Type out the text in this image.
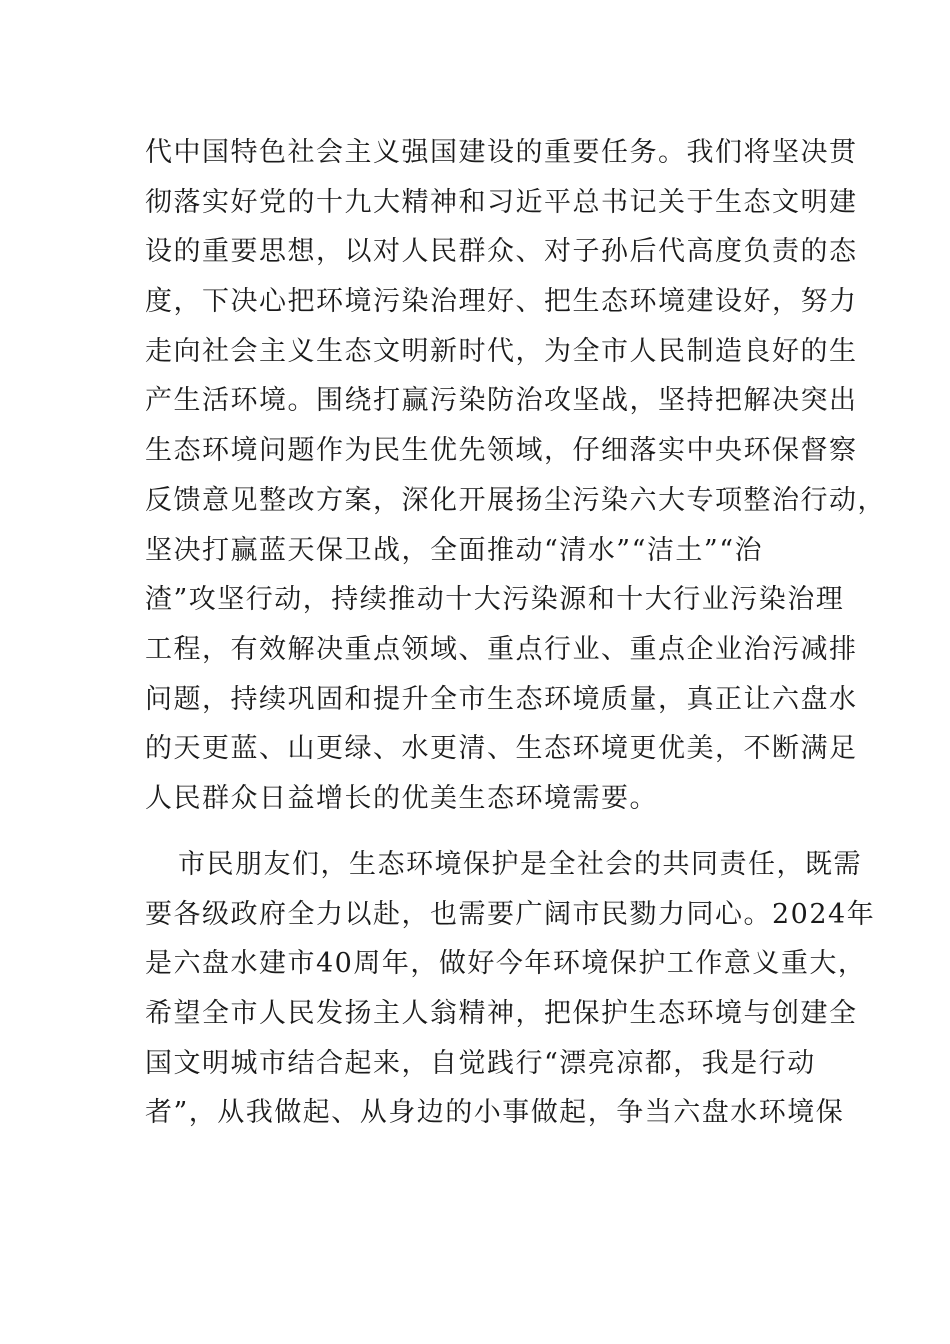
代中国特色社会主义强国建设的重要任务。我们将坚决贯
彻落实好党的十九大精神和习近平总书记关于生态文明建
设的重要思想，以对人民群众、对子孙后代高度负责的态
度，下决心把环境污染治理好、把生态环境建设好，努力
走向社会主义生态文明新时代，为全市人民制造良好的生
产生活环境。围绕打赢污染防治攻坚战，坚持把解决突出
生态环境问题作为民生优先领域，仔细落实中央环保督察
反馈意见整改方案，深化开展扬尘污染六大专项整治行动，
坚决打赢蓝天保卫战，全面推动“清水”“洁土”“治
渣”攻坚行动，持续推动十大污染源和十大行业污染治理
工程，有效解决重点领域、重点行业、重点企业治污减排
问题，持续巩固和提升全市生态环境质量，真正让六盘水
的天更蓝、山更绿、水更清、生态环境更优美，不断满足
人民群众日益增长的优美生态环境需要。
市民朋友们，生态环境保护是全社会的共同责任，既需
要各级政府全力以赴，也需要广阔市民勠力同心。2024年
是六盘水建市40周年，做好今年环境保护工作意义重大，
希望全市人民发扬主人翁精神，把保护生态环境与创建全
国文明城市结合起来，自觉践行“漂亮凉都，我是行动
者”，从我做起、从身边的小事做起，争当六盘水环境保
